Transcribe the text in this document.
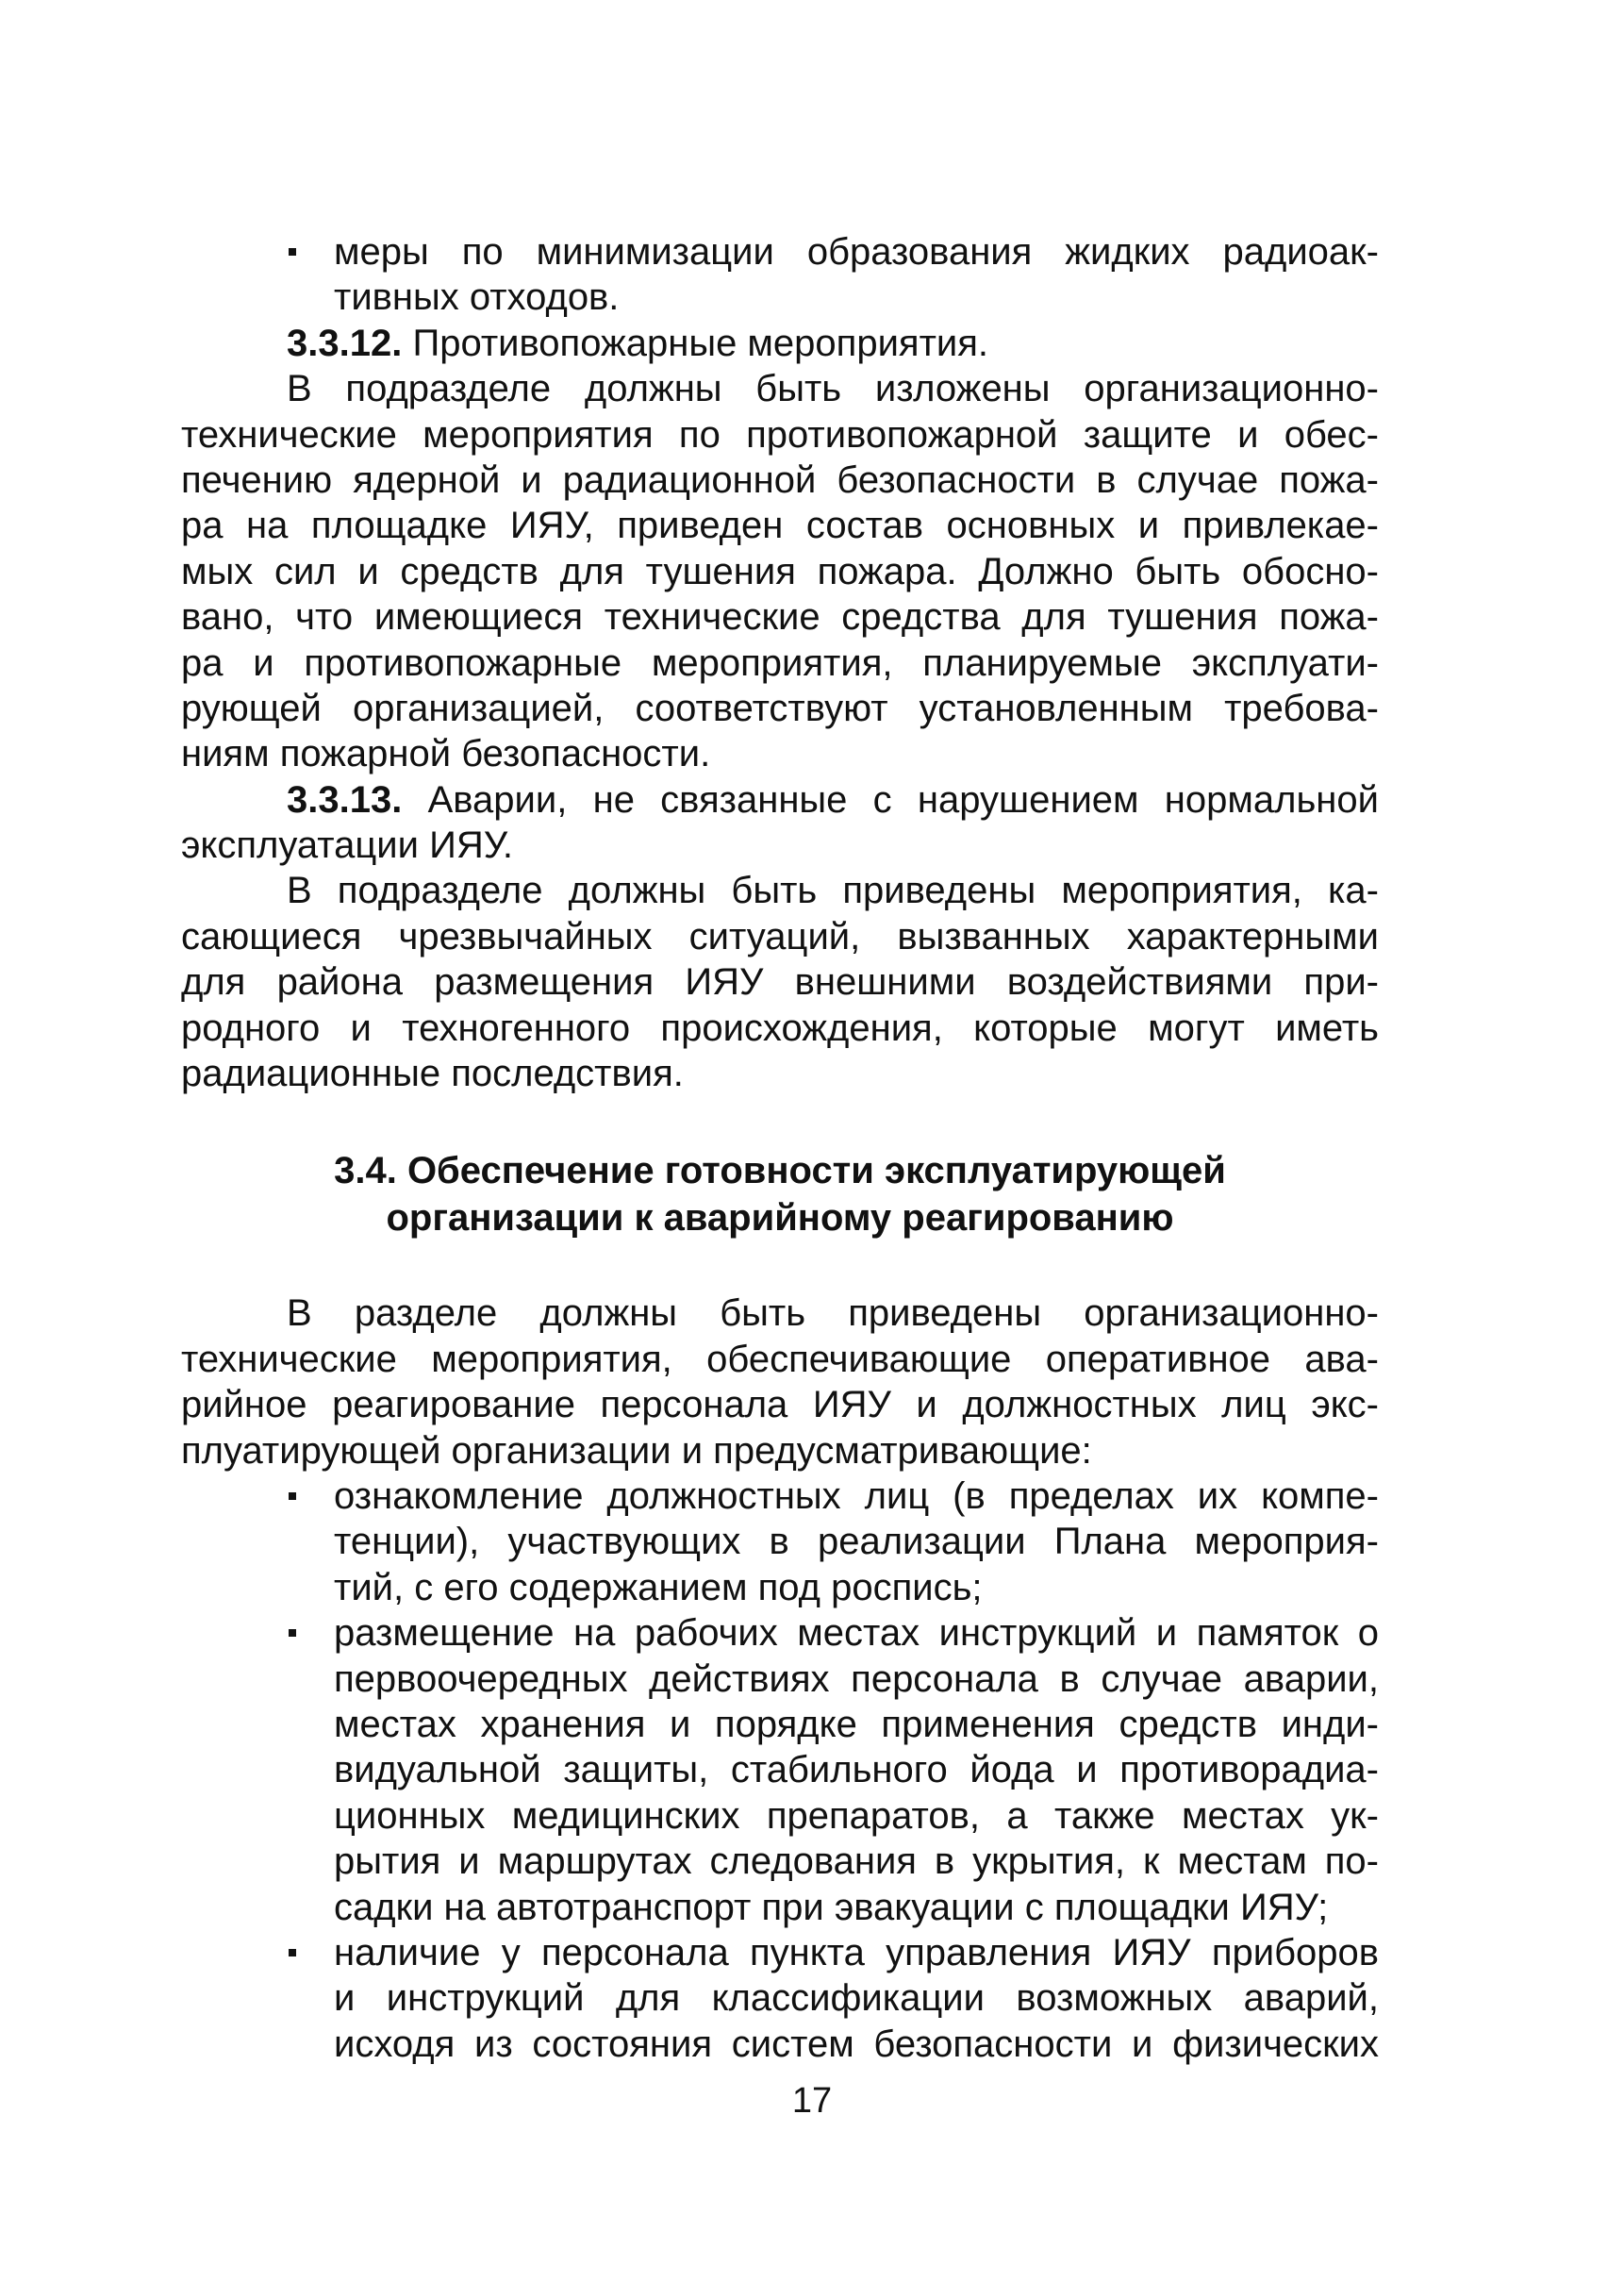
меры по минимизации образования жидких радиоак-
тивных отходов.
3.3.12. Противопожарные мероприятия.
В подразделе должны быть изложены организационно-
технические мероприятия по противопожарной защите и обес-
печению ядерной и радиационной безопасности в случае пожа-
ра на площадке ИЯУ, приведен состав основных и привлекае-
мых сил и средств для тушения пожара. Должно быть обосно-
вано, что имеющиеся технические средства для тушения пожа-
ра и противопожарные мероприятия, планируемые эксплуати-
рующей организацией, соответствуют установленным требова-
ниям пожарной безопасности.
3.3.13. Аварии, не связанные с нарушением нормальной
эксплуатации ИЯУ.
В подразделе должны быть приведены мероприятия, ка-
сающиеся чрезвычайных ситуаций, вызванных характерными
для района размещения ИЯУ внешними воздействиями при-
родного и техногенного происхождения, которые могут иметь
радиационные последствия.
3.4. Обеспечение готовности эксплуатирующей
организации к аварийному реагированию
В разделе должны быть приведены организационно-
технические мероприятия, обеспечивающие оперативное ава-
рийное реагирование персонала ИЯУ и должностных лиц экс-
плуатирующей организации и предусматривающие:
ознакомление должностных лиц (в пределах их компе-
тенции), участвующих в реализации Плана мероприя-
тий, с его содержанием под роспись;
размещение на рабочих местах инструкций и памяток о
первоочередных действиях персонала в случае аварии,
местах хранения и порядке применения средств инди-
видуальной защиты, стабильного йода и противорадиа-
ционных медицинских препаратов, а также местах ук-
рытия и маршрутах следования в укрытия, к местам по-
садки на автотранспорт при эвакуации с площадки ИЯУ;
наличие у персонала пункта управления ИЯУ приборов
и инструкций для классификации возможных аварий,
исходя из состояния систем безопасности и физических
17
